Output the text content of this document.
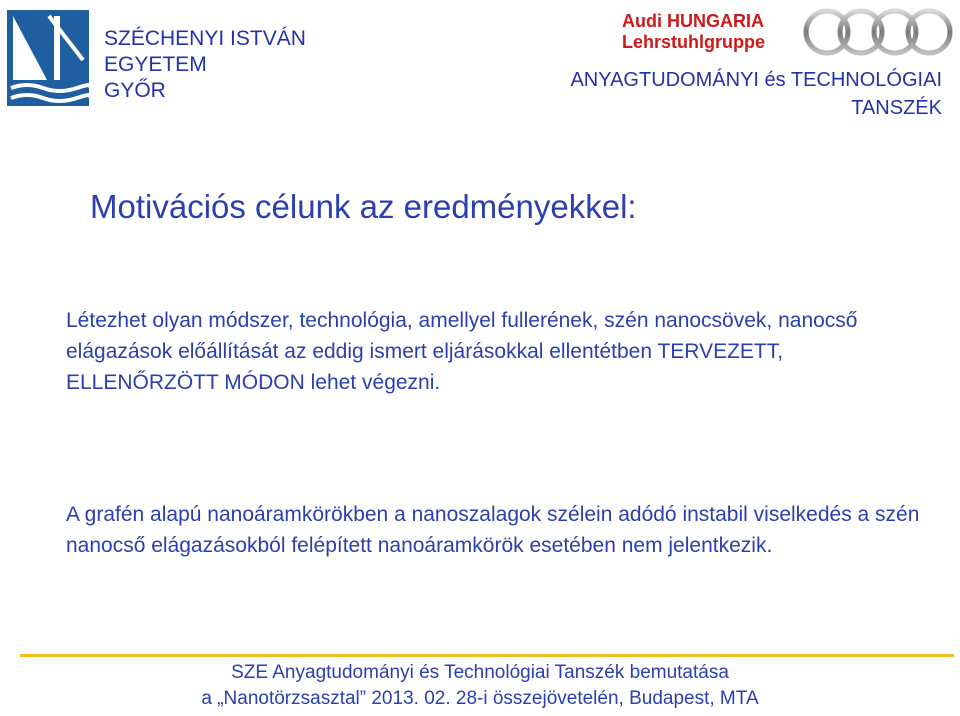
SZÉCHENYI ISTVÁN
EGYETEM
GYŐR
Audi HUNGARIA
Lehrstuhlgruppe
ANYAGTUDOMÁNYI és TECHNOLÓGIAI
TANSZÉK
Motivációs célunk az eredményekkel:
Létezhet olyan módszer, technológia, amellyel fullerének, szén nanocsövek, nanocső elágazások előállítását az eddig ismert eljárásokkal ellentétben TERVEZETT, ELLENŐRZÖTT MÓDON lehet végezni.
A grafén alapú nanoáramkörökben a nanoszalagok szélein adódó instabil viselkedés a szén nanocső elágazásokból felépített nanoáramkörök esetében nem jelentkezik.
SZE Anyagtudományi és Technológiai Tanszék bemutatása
a „Nanotörzsasztal” 2013. 02. 28-i összejövetelén, Budapest, MTA
